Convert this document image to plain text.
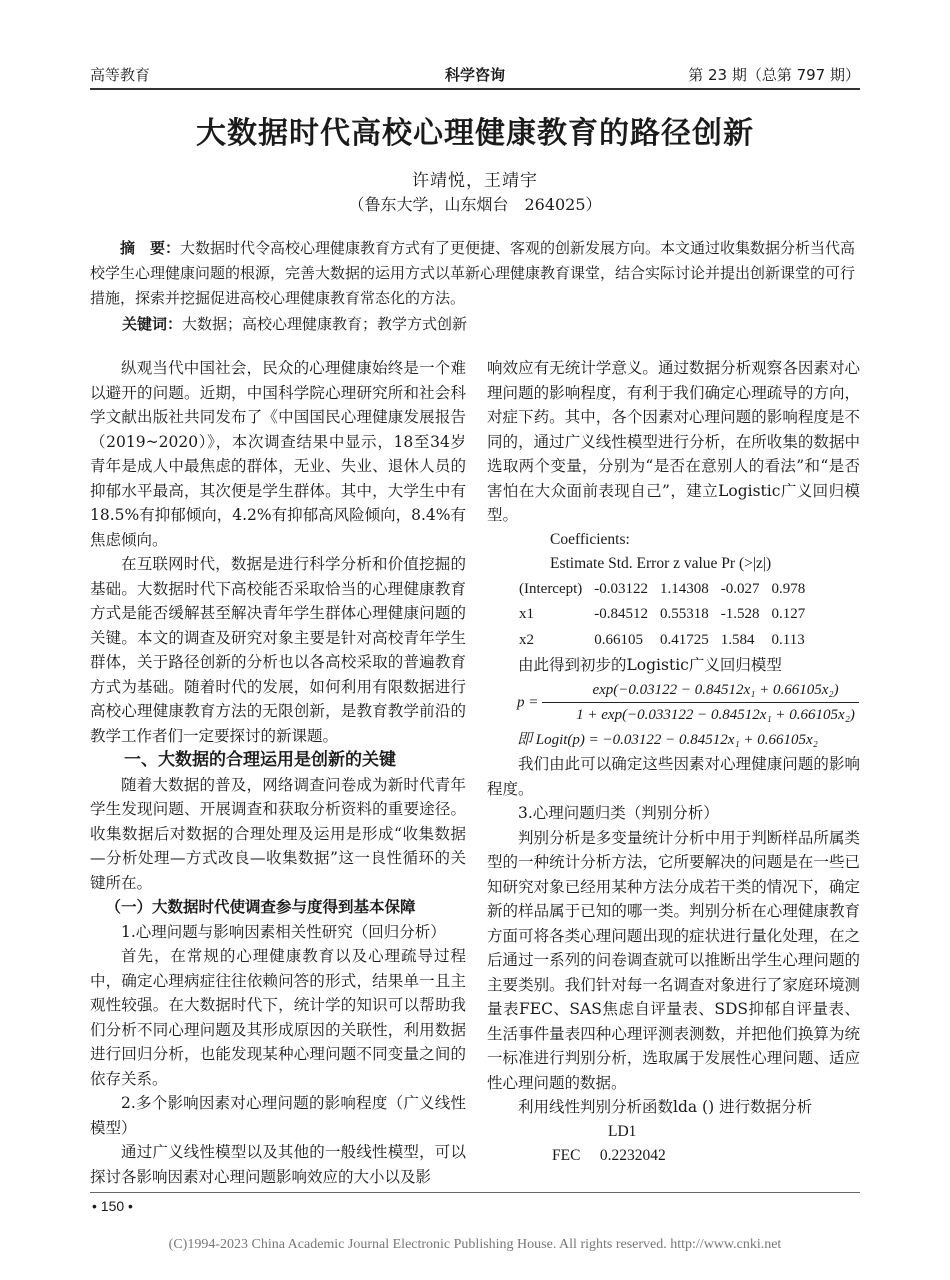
高等教育	科学咨询	第 23 期（总第 797 期）
大数据时代高校心理健康教育的路径创新
许靖悦，王靖宇
（鲁东大学，山东烟台　264025）
摘　要：大数据时代令高校心理健康教育方式有了更便捷、客观的创新发展方向。本文通过收集数据分析当代高校学生心理健康问题的根源，完善大数据的运用方式以革新心理健康教育课堂，结合实际讨论并提出创新课堂的可行措施，探索并挖掘促进高校心理健康教育常态化的方法。
关键词：大数据；高校心理健康教育；教学方式创新

纵观当代中国社会，民众的心理健康始终是一个难以避开的问题。近期，中国科学院心理研究所和社会科学文献出版社共同发布了《中国国民心理健康发展报告（2019~2020）》，本次调查结果中显示，18至34岁青年是成人中最焦虑的群体，无业、失业、退休人员的抑郁水平最高，其次便是学生群体。其中，大学生中有18.5%有抑郁倾向，4.2%有抑郁高风险倾向，8.4%有焦虑倾向。

在互联网时代，数据是进行科学分析和价值挖掘的基础。大数据时代下高校能否采取恰当的心理健康教育方式是能否缓解甚至解决青年学生群体心理健康问题的关键。本文的调查及研究对象主要是针对高校青年学生群体，关于路径创新的分析也以各高校采取的普遍教育方式为基础。随着时代的发展，如何利用有限数据进行高校心理健康教育方法的无限创新，是教育教学前沿的教学工作者们一定要探讨的新课题。

一、大数据的合理运用是创新的关键

随着大数据的普及，网络调查问卷成为新时代青年学生发现问题、开展调查和获取分析资料的重要途径。收集数据后对数据的合理处理及运用是形成“收集数据—分析处理—方式改良—收集数据”这一良性循环的关键所在。

（一）大数据时代使调查参与度得到基本保障

1.心理问题与影响因素相关性研究（回归分析）

首先，在常规的心理健康教育以及心理疏导过程中，确定心理病症往往依赖问答的形式，结果单一且主观性较强。在大数据时代下，统计学的知识可以帮助我们分析不同心理问题及其形成原因的关联性，利用数据进行回归分析，也能发现某种心理问题不同变量之间的依存关系。

2.多个影响因素对心理问题的影响程度（广义线性模型）

通过广义线性模型以及其他的一般线性模型，可以探讨各影响因素对心理问题影响效应的大小以及影

响效应有无统计学意义。通过数据分析观察各因素对心理问题的影响程度，有利于我们确定心理疏导的方向，对症下药。其中，各个因素对心理问题的影响程度是不同的，通过广义线性模型进行分析，在所收集的数据中选取两个变量，分别为“是否在意别人的看法”和“是否害怕在大众面前表现自己”，建立Logistic广义回归模型。

Coefficients:

Estimate Std. Error z value Pr (>|z|)

(Intercept)	-0.03122	1.14308	-0.027	0.978
x1	-0.84512	0.55318	-1.528	0.127
x2	0.66105	0.41725	1.584	0.113

由此得到初步的Logistic广义回归模型

$p = \frac{\text{exp(−0.03122 − 0.84512x₁ + 0.66105x₂)}}{\text{1 + exp(−0.033122 − 0.84512x₁ + 0.66105x₂)}}$

即 Logit(p) = −0.03122 − 0.84512x₁ + 0.66105x₂

我们由此可以确定这些因素对心理健康问题的影响程度。

3.心理问题归类（判别分析）

判别分析是多变量统计分析中用于判断样品所属类型的一种统计分析方法，它所要解决的问题是在一些已知研究对象已经用某种方法分成若干类的情况下，确定新的样品属于已知的哪一类。判别分析在心理健康教育方面可将各类心理问题出现的症状进行量化处理，在之后通过一系列的问卷调查就可以推断出学生心理问题的主要类别。我们针对每一名调查对象进行了家庭环境测量表FEC、SAS焦虑自评量表、SDS抑郁自评量表、生活事件量表四种心理评测表测数，并把他们换算为统一标准进行判别分析，选取属于发展性心理问题、适应性心理问题的数据。

利用线性判别分析函数lda () 进行数据分析

LD1

FEC 0.2232042

• 150 •
(C)1994-2023 China Academic Journal Electronic Publishing House. All rights reserved. http://www.cnki.net
